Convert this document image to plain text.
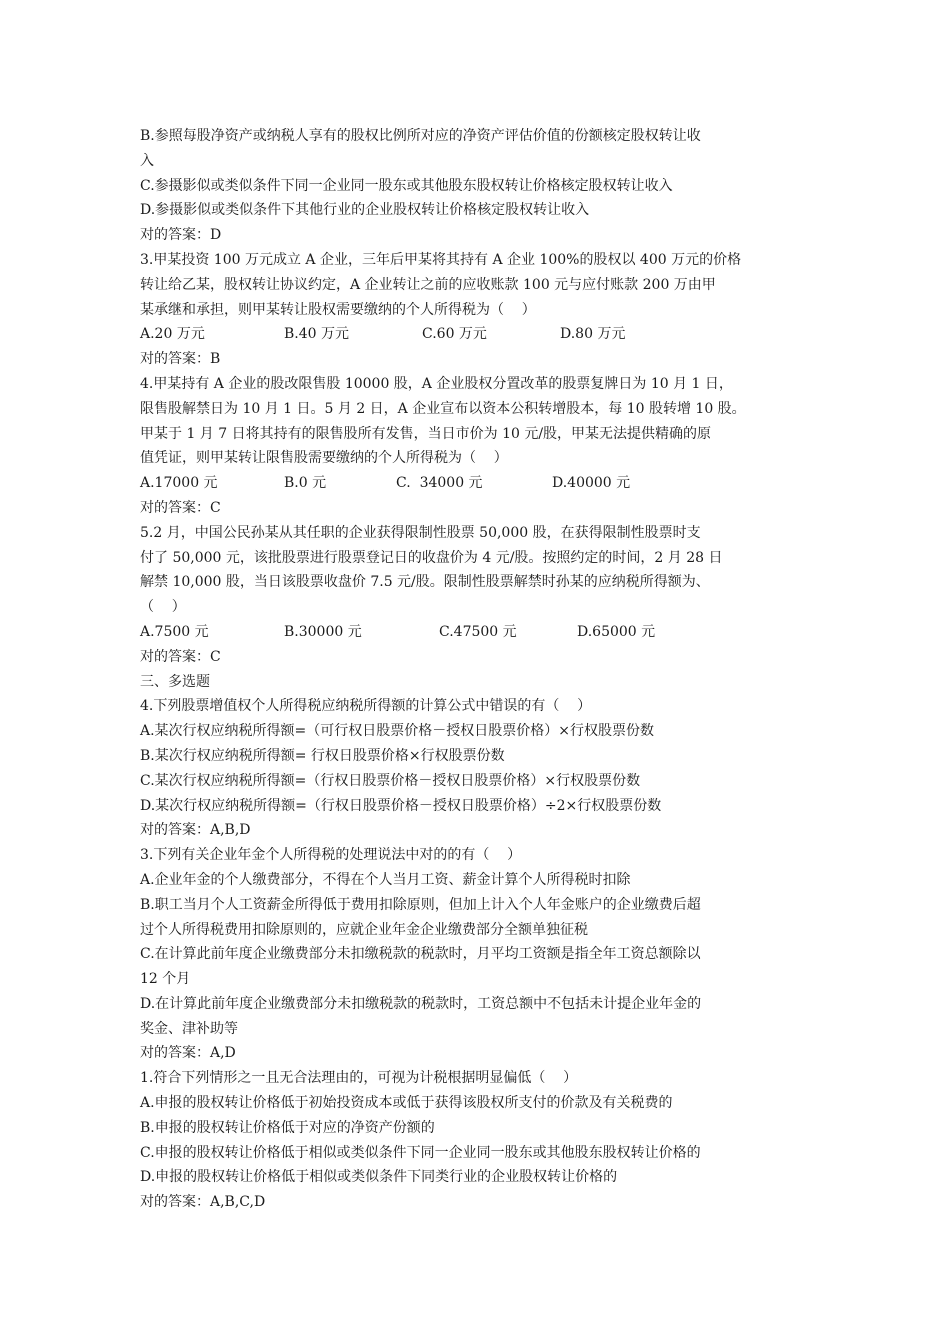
B.参照每股净资产或纳税人享有的股权比例所对应的净资产评估价值的份额核定股权转让收
入
C.参摄影似或类似条件下同一企业同一股东或其他股东股权转让价格核定股权转让收入
D.参摄影似或类似条件下其他行业的企业股权转让价格核定股权转让收入
对的答案：D
3.甲某投资 100 万元成立 A 企业，三年后甲某将其持有 A 企业 100%的股权以 400 万元的价格
转让给乙某，股权转让协议约定，A 企业转让之前的应收账款 100 元与应付账款 200 万由甲
某承继和承担，则甲某转让股权需要缴纳的个人所得税为（    ）
A.20 万元	B.40 万元	C.60 万元	D.80 万元
对的答案：B
4.甲某持有 A 企业的股改限售股 10000 股，A 企业股权分置改革的股票复牌日为 10 月 1 日，
限售股解禁日为 10 月 1 日。5 月 2 日，A 企业宣布以资本公积转增股本，每 10 股转增 10 股。
甲某于 1 月 7 日将其持有的限售股所有发售，当日市价为 10 元/股，甲某无法提供精确的原
值凭证，则甲某转让限售股需要缴纳的个人所得税为（    ）
A.17000 元	B.0 元	C.  34000 元	D.40000 元
对的答案：C
5.2 月，中国公民孙某从其任职的企业获得限制性股票 50,000 股，在获得限制性股票时支
付了 50,000 元，该批股票进行股票登记日的收盘价为 4 元/股。按照约定的时间，2 月 28 日
解禁 10,000 股，当日该股票收盘价 7.5 元/股。限制性股票解禁时孙某的应纳税所得额为、
（    ）
A.7500 元	B.30000 元	C.47500 元	D.65000 元
对的答案：C
三、多选题
4.下列股票增值权个人所得税应纳税所得额的计算公式中错误的有（    ）
A.某次行权应纳税所得额=（可行权日股票价格－授权日股票价格）×行权股票份数
B.某次行权应纳税所得额= 行权日股票价格×行权股票份数
C.某次行权应纳税所得额=（行权日股票价格－授权日股票价格）×行权股票份数
D.某次行权应纳税所得额=（行权日股票价格－授权日股票价格）÷2×行权股票份数
对的答案：A,B,D
3.下列有关企业年金个人所得税的处理说法中对的的有（    ）
A.企业年金的个人缴费部分，不得在个人当月工资、薪金计算个人所得税时扣除
B.职工当月个人工资薪金所得低于费用扣除原则，但加上计入个人年金账户的企业缴费后超
过个人所得税费用扣除原则的，应就企业年金企业缴费部分全额单独征税
C.在计算此前年度企业缴费部分未扣缴税款的税款时，月平均工资额是指全年工资总额除以
12 个月
D.在计算此前年度企业缴费部分未扣缴税款的税款时，工资总额中不包括未计提企业年金的
奖金、津补助等
对的答案：A,D
1.符合下列情形之一且无合法理由的，可视为计税根据明显偏低（    ）
A.申报的股权转让价格低于初始投资成本或低于获得该股权所支付的价款及有关税费的
B.申报的股权转让价格低于对应的净资产份额的
C.申报的股权转让价格低于相似或类似条件下同一企业同一股东或其他股东股权转让价格的
D.申报的股权转让价格低于相似或类似条件下同类行业的企业股权转让价格的
对的答案：A,B,C,D
